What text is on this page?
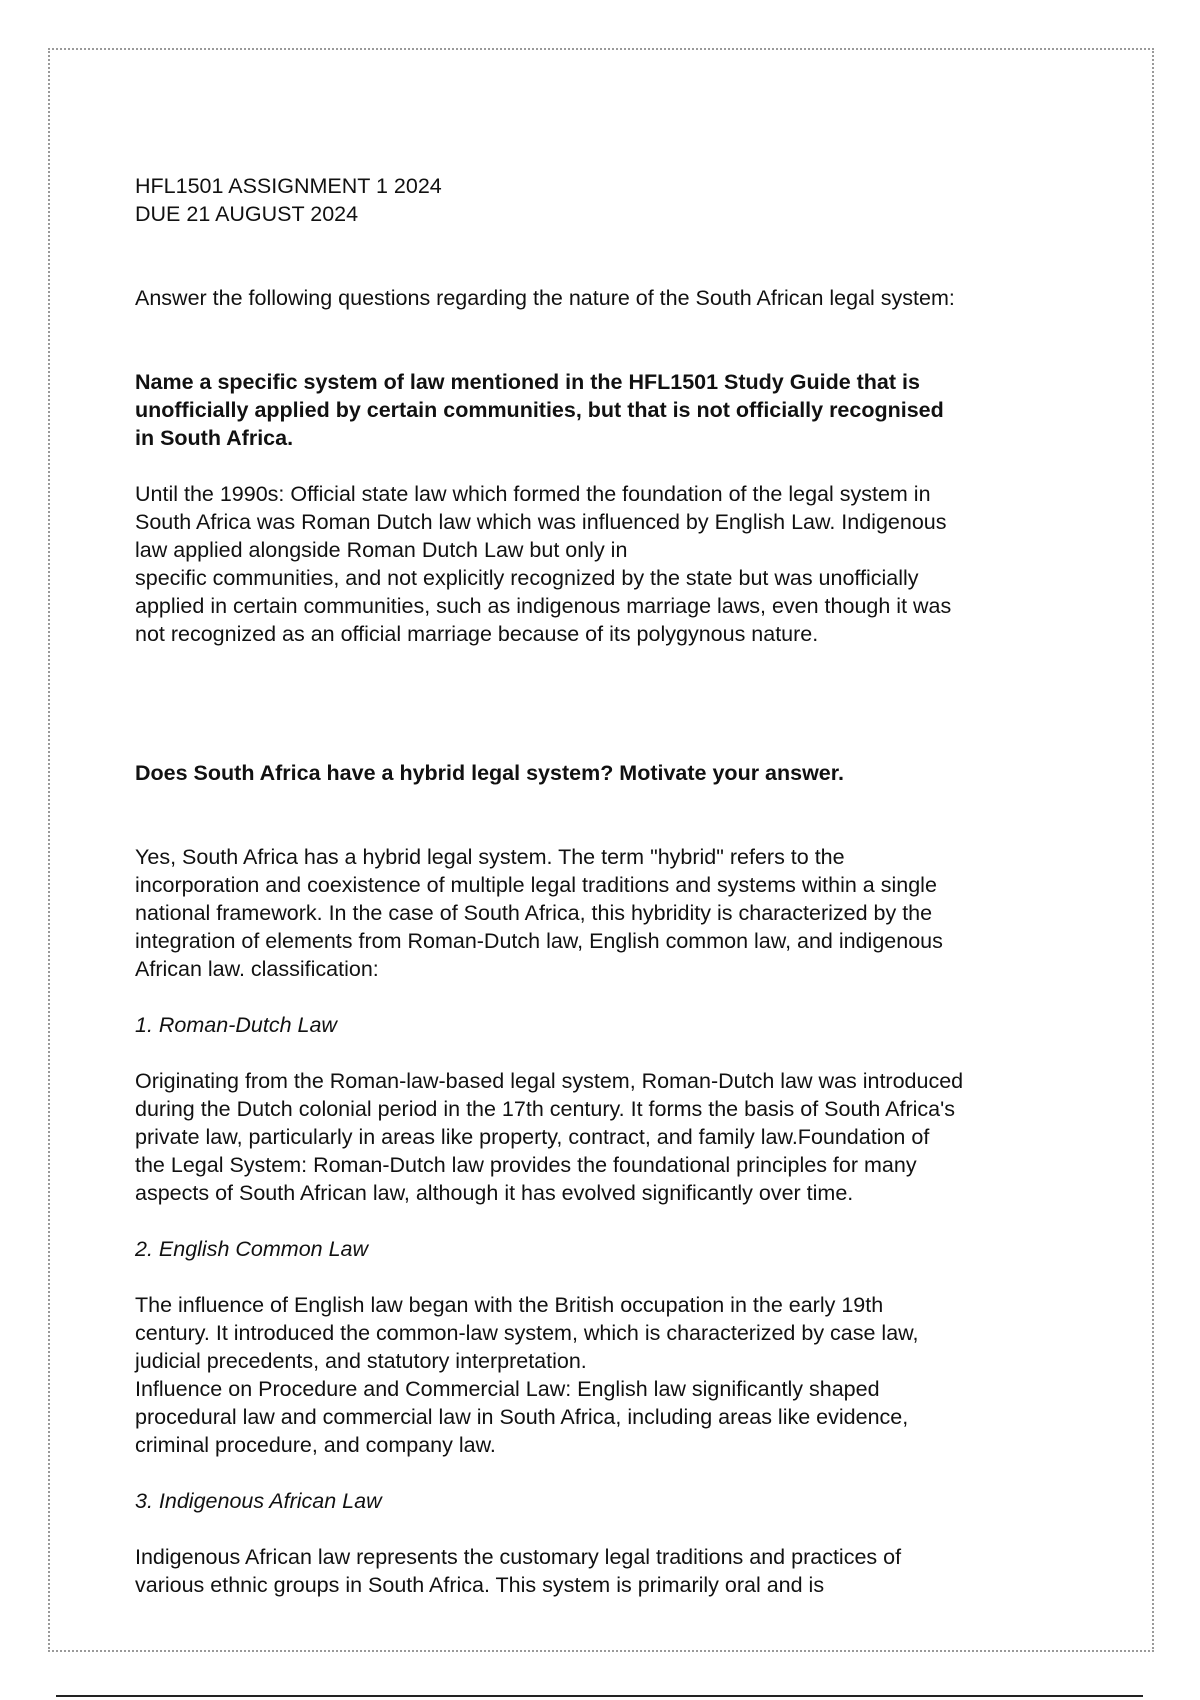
HFL1501 ASSIGNMENT 1 2024
DUE 21 AUGUST 2024

Answer the following questions regarding the nature of the South African legal system:

Name a specific system of law mentioned in the HFL1501 Study Guide that is
unofficially applied by certain communities, but that is not officially recognised
in South Africa.

Until the 1990s: Official state law which formed the foundation of the legal system in
South Africa was Roman Dutch law which was influenced by English Law. Indigenous
law applied alongside Roman Dutch Law but only in
specific communities, and not explicitly recognized by the state but was unofficially
applied in certain communities, such as indigenous marriage laws, even though it was
not recognized as an official marriage because of its polygynous nature.

Does South Africa have a hybrid legal system? Motivate your answer.

Yes, South Africa has a hybrid legal system. The term "hybrid" refers to the
incorporation and coexistence of multiple legal traditions and systems within a single
national framework. In the case of South Africa, this hybridity is characterized by the
integration of elements from Roman-Dutch law, English common law, and indigenous
African law. classification:

1. Roman-Dutch Law

Originating from the Roman-law-based legal system, Roman-Dutch law was introduced
during the Dutch colonial period in the 17th century. It forms the basis of South Africa's
private law, particularly in areas like property, contract, and family law.Foundation of
the Legal System: Roman-Dutch law provides the foundational principles for many
aspects of South African law, although it has evolved significantly over time.

2. English Common Law

The influence of English law began with the British occupation in the early 19th
century. It introduced the common-law system, which is characterized by case law,
judicial precedents, and statutory interpretation.
Influence on Procedure and Commercial Law: English law significantly shaped
procedural law and commercial law in South Africa, including areas like evidence,
criminal procedure, and company law.

3. Indigenous African Law

Indigenous African law represents the customary legal traditions and practices of
various ethnic groups in South Africa. This system is primarily oral and is
